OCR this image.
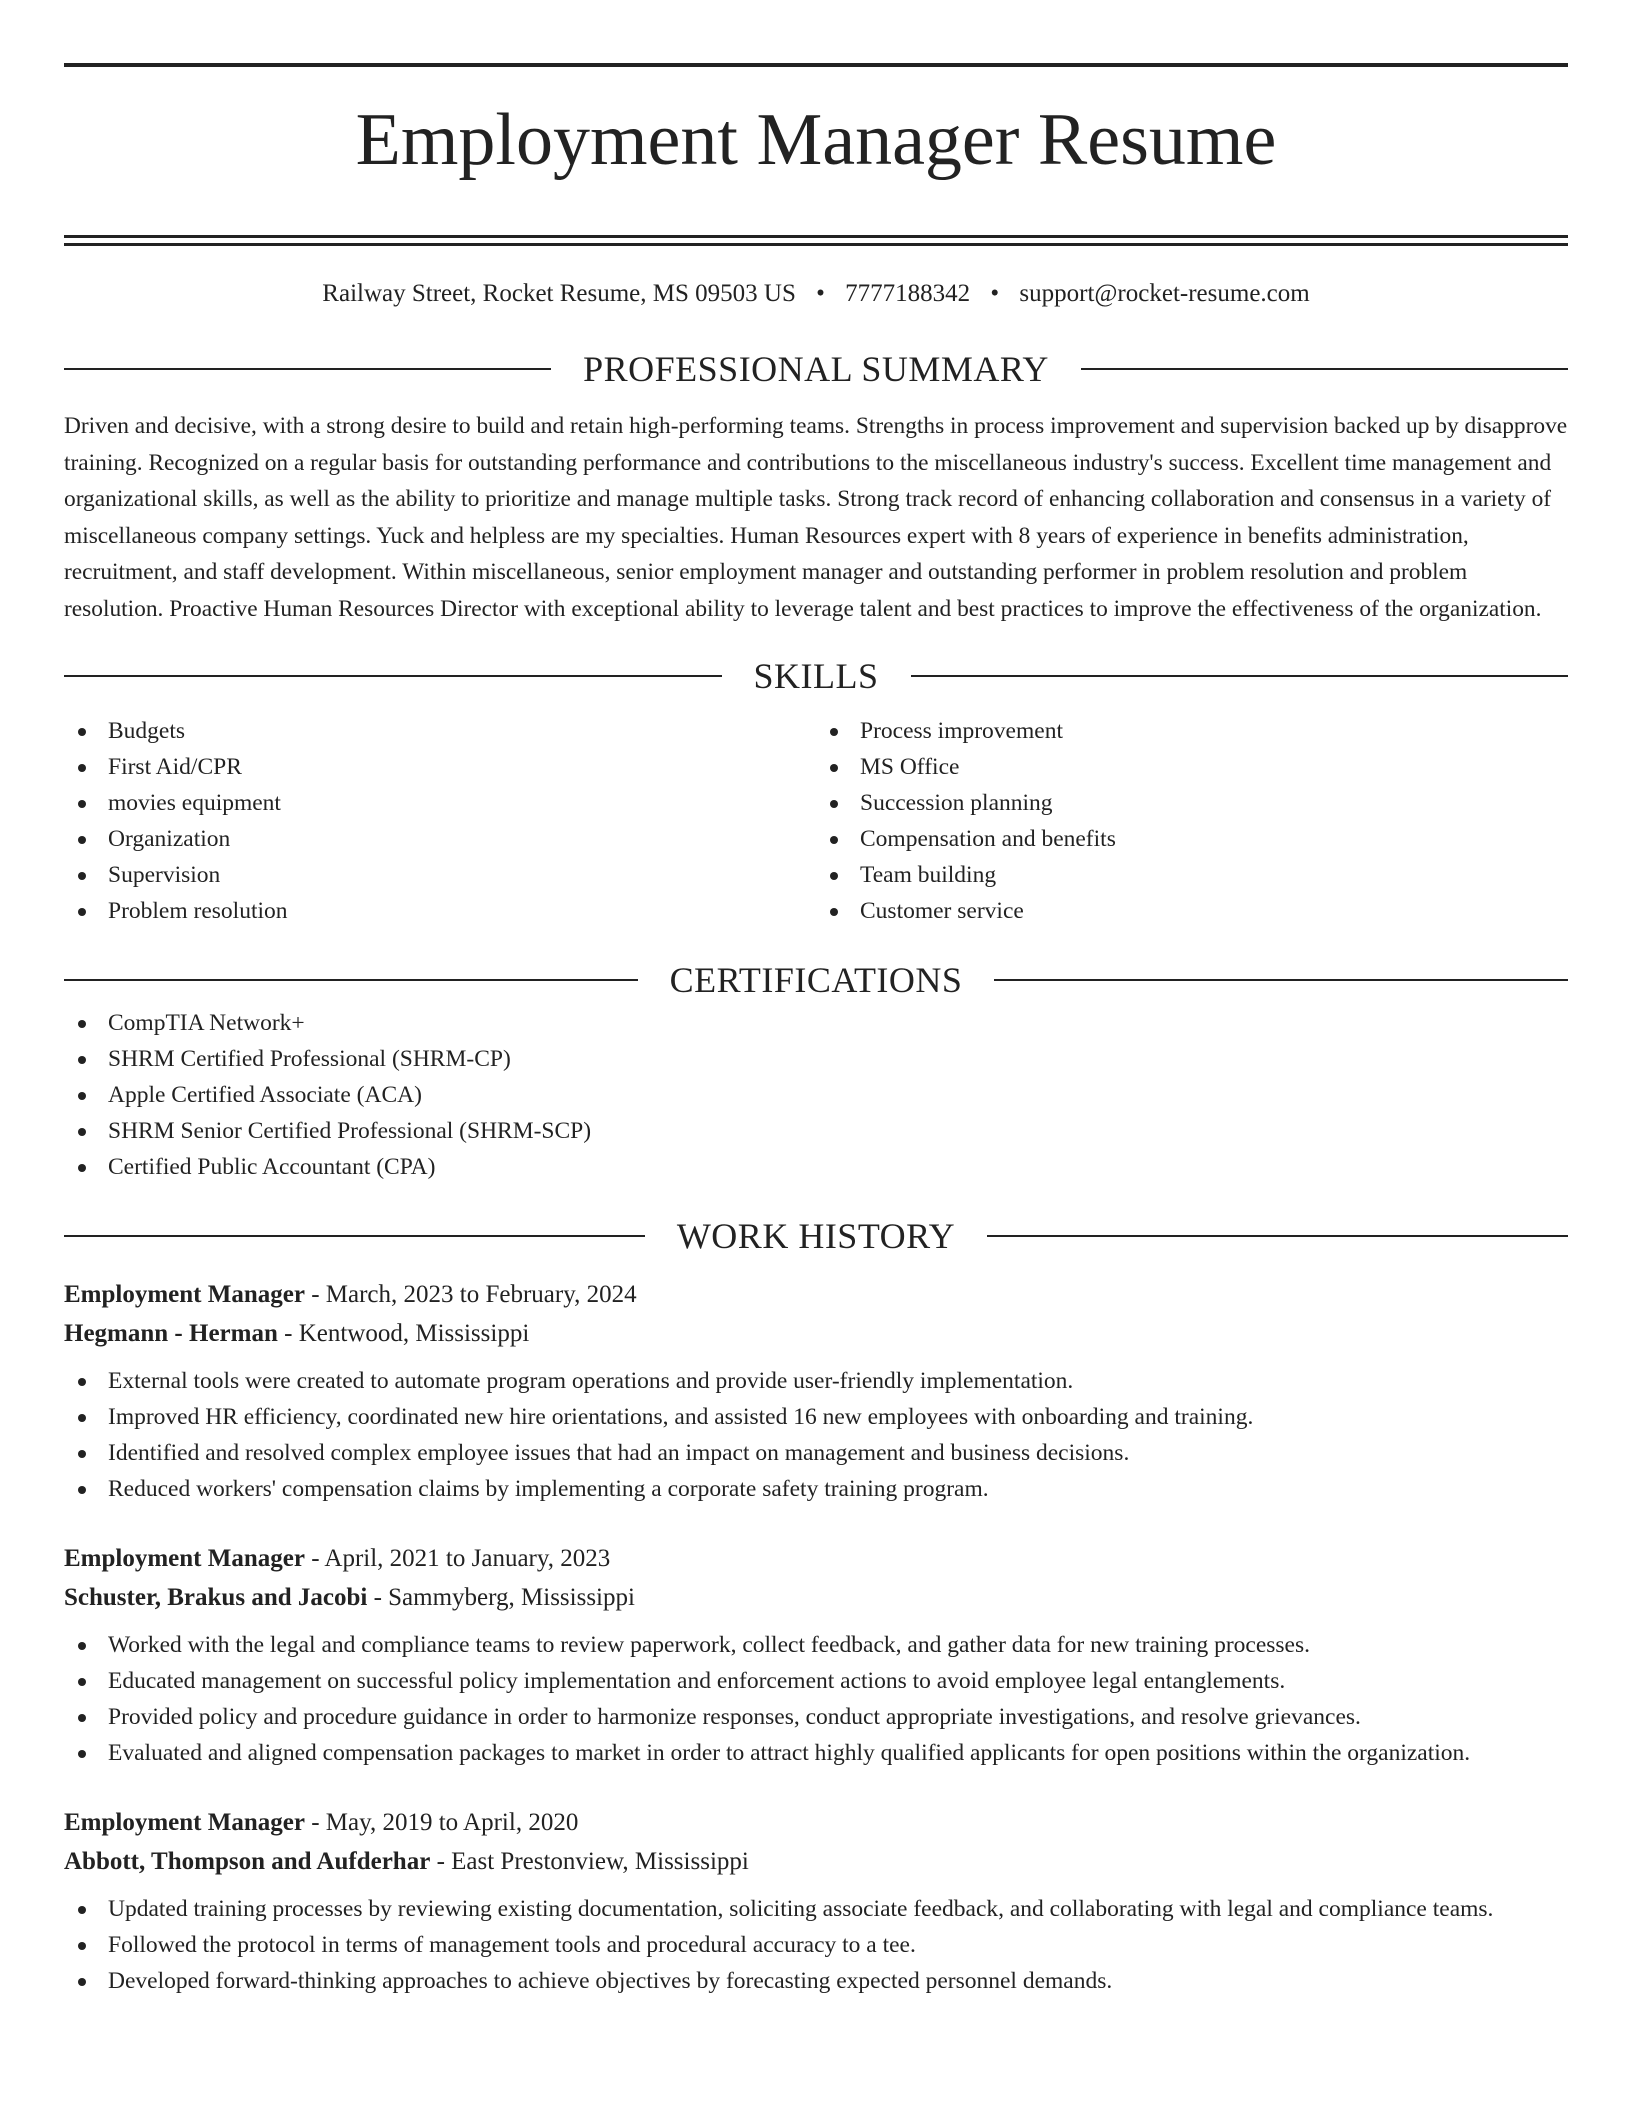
Employment Manager Resume
Railway Street, Rocket Resume, MS 09503 US • 7777188342 • support@rocket-resume.com
PROFESSIONAL SUMMARY
Driven and decisive, with a strong desire to build and retain high-performing teams. Strengths in process improvement and supervision backed up by disapprove training. Recognized on a regular basis for outstanding performance and contributions to the miscellaneous industry's success. Excellent time management and organizational skills, as well as the ability to prioritize and manage multiple tasks. Strong track record of enhancing collaboration and consensus in a variety of miscellaneous company settings. Yuck and helpless are my specialties. Human Resources expert with 8 years of experience in benefits administration, recruitment, and staff development. Within miscellaneous, senior employment manager and outstanding performer in problem resolution and problem resolution. Proactive Human Resources Director with exceptional ability to leverage talent and best practices to improve the effectiveness of the organization.
SKILLS
Budgets
First Aid/CPR
movies equipment
Organization
Supervision
Problem resolution
Process improvement
MS Office
Succession planning
Compensation and benefits
Team building
Customer service
CERTIFICATIONS
CompTIA Network+
SHRM Certified Professional (SHRM-CP)
Apple Certified Associate (ACA)
SHRM Senior Certified Professional (SHRM-SCP)
Certified Public Accountant (CPA)
WORK HISTORY
Employment Manager - March, 2023 to February, 2024
Hegmann - Herman - Kentwood, Mississippi
External tools were created to automate program operations and provide user-friendly implementation.
Improved HR efficiency, coordinated new hire orientations, and assisted 16 new employees with onboarding and training.
Identified and resolved complex employee issues that had an impact on management and business decisions.
Reduced workers' compensation claims by implementing a corporate safety training program.
Employment Manager - April, 2021 to January, 2023
Schuster, Brakus and Jacobi - Sammyberg, Mississippi
Worked with the legal and compliance teams to review paperwork, collect feedback, and gather data for new training processes.
Educated management on successful policy implementation and enforcement actions to avoid employee legal entanglements.
Provided policy and procedure guidance in order to harmonize responses, conduct appropriate investigations, and resolve grievances.
Evaluated and aligned compensation packages to market in order to attract highly qualified applicants for open positions within the organization.
Employment Manager - May, 2019 to April, 2020
Abbott, Thompson and Aufderhar - East Prestonview, Mississippi
Updated training processes by reviewing existing documentation, soliciting associate feedback, and collaborating with legal and compliance teams.
Followed the protocol in terms of management tools and procedural accuracy to a tee.
Developed forward-thinking approaches to achieve objectives by forecasting expected personnel demands.
